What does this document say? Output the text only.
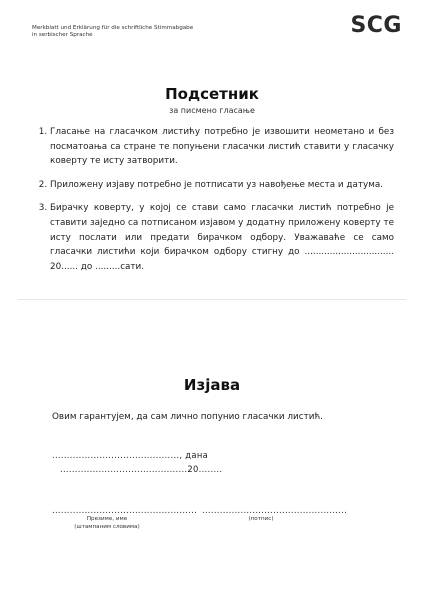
Merkblatt und Erklärung für die schriftliche Stimmabgabe
in serbischer Sprache	SCG
Подсетник
за писмено гласање
1. Гласање на гласачком листићу потребно је извошити неометано и без посматоања са стране те попуњени гласачки листић ставити у гласачку коверту те исту затворити.
2. Приложену изјаву потребно је потписати уз навођење места и датума.
3. Бирачку коверту, у којој се стави само гласачки листић потребно је ставити заједно са потписаном изјавом у додатну приложену коверту те исту послати или предати бирачком одбору. Уважаваће се само гласачки листићи који бирачком одбору стигну до ................................ 20...... до .........сати.
Изјава
Овим гарантујем, да сам лично попунио гласачки листић.
..........................................., дана
...........................................20........
................................................. .................................................
Презиме, име
(штампаним словима)
(потпис)
